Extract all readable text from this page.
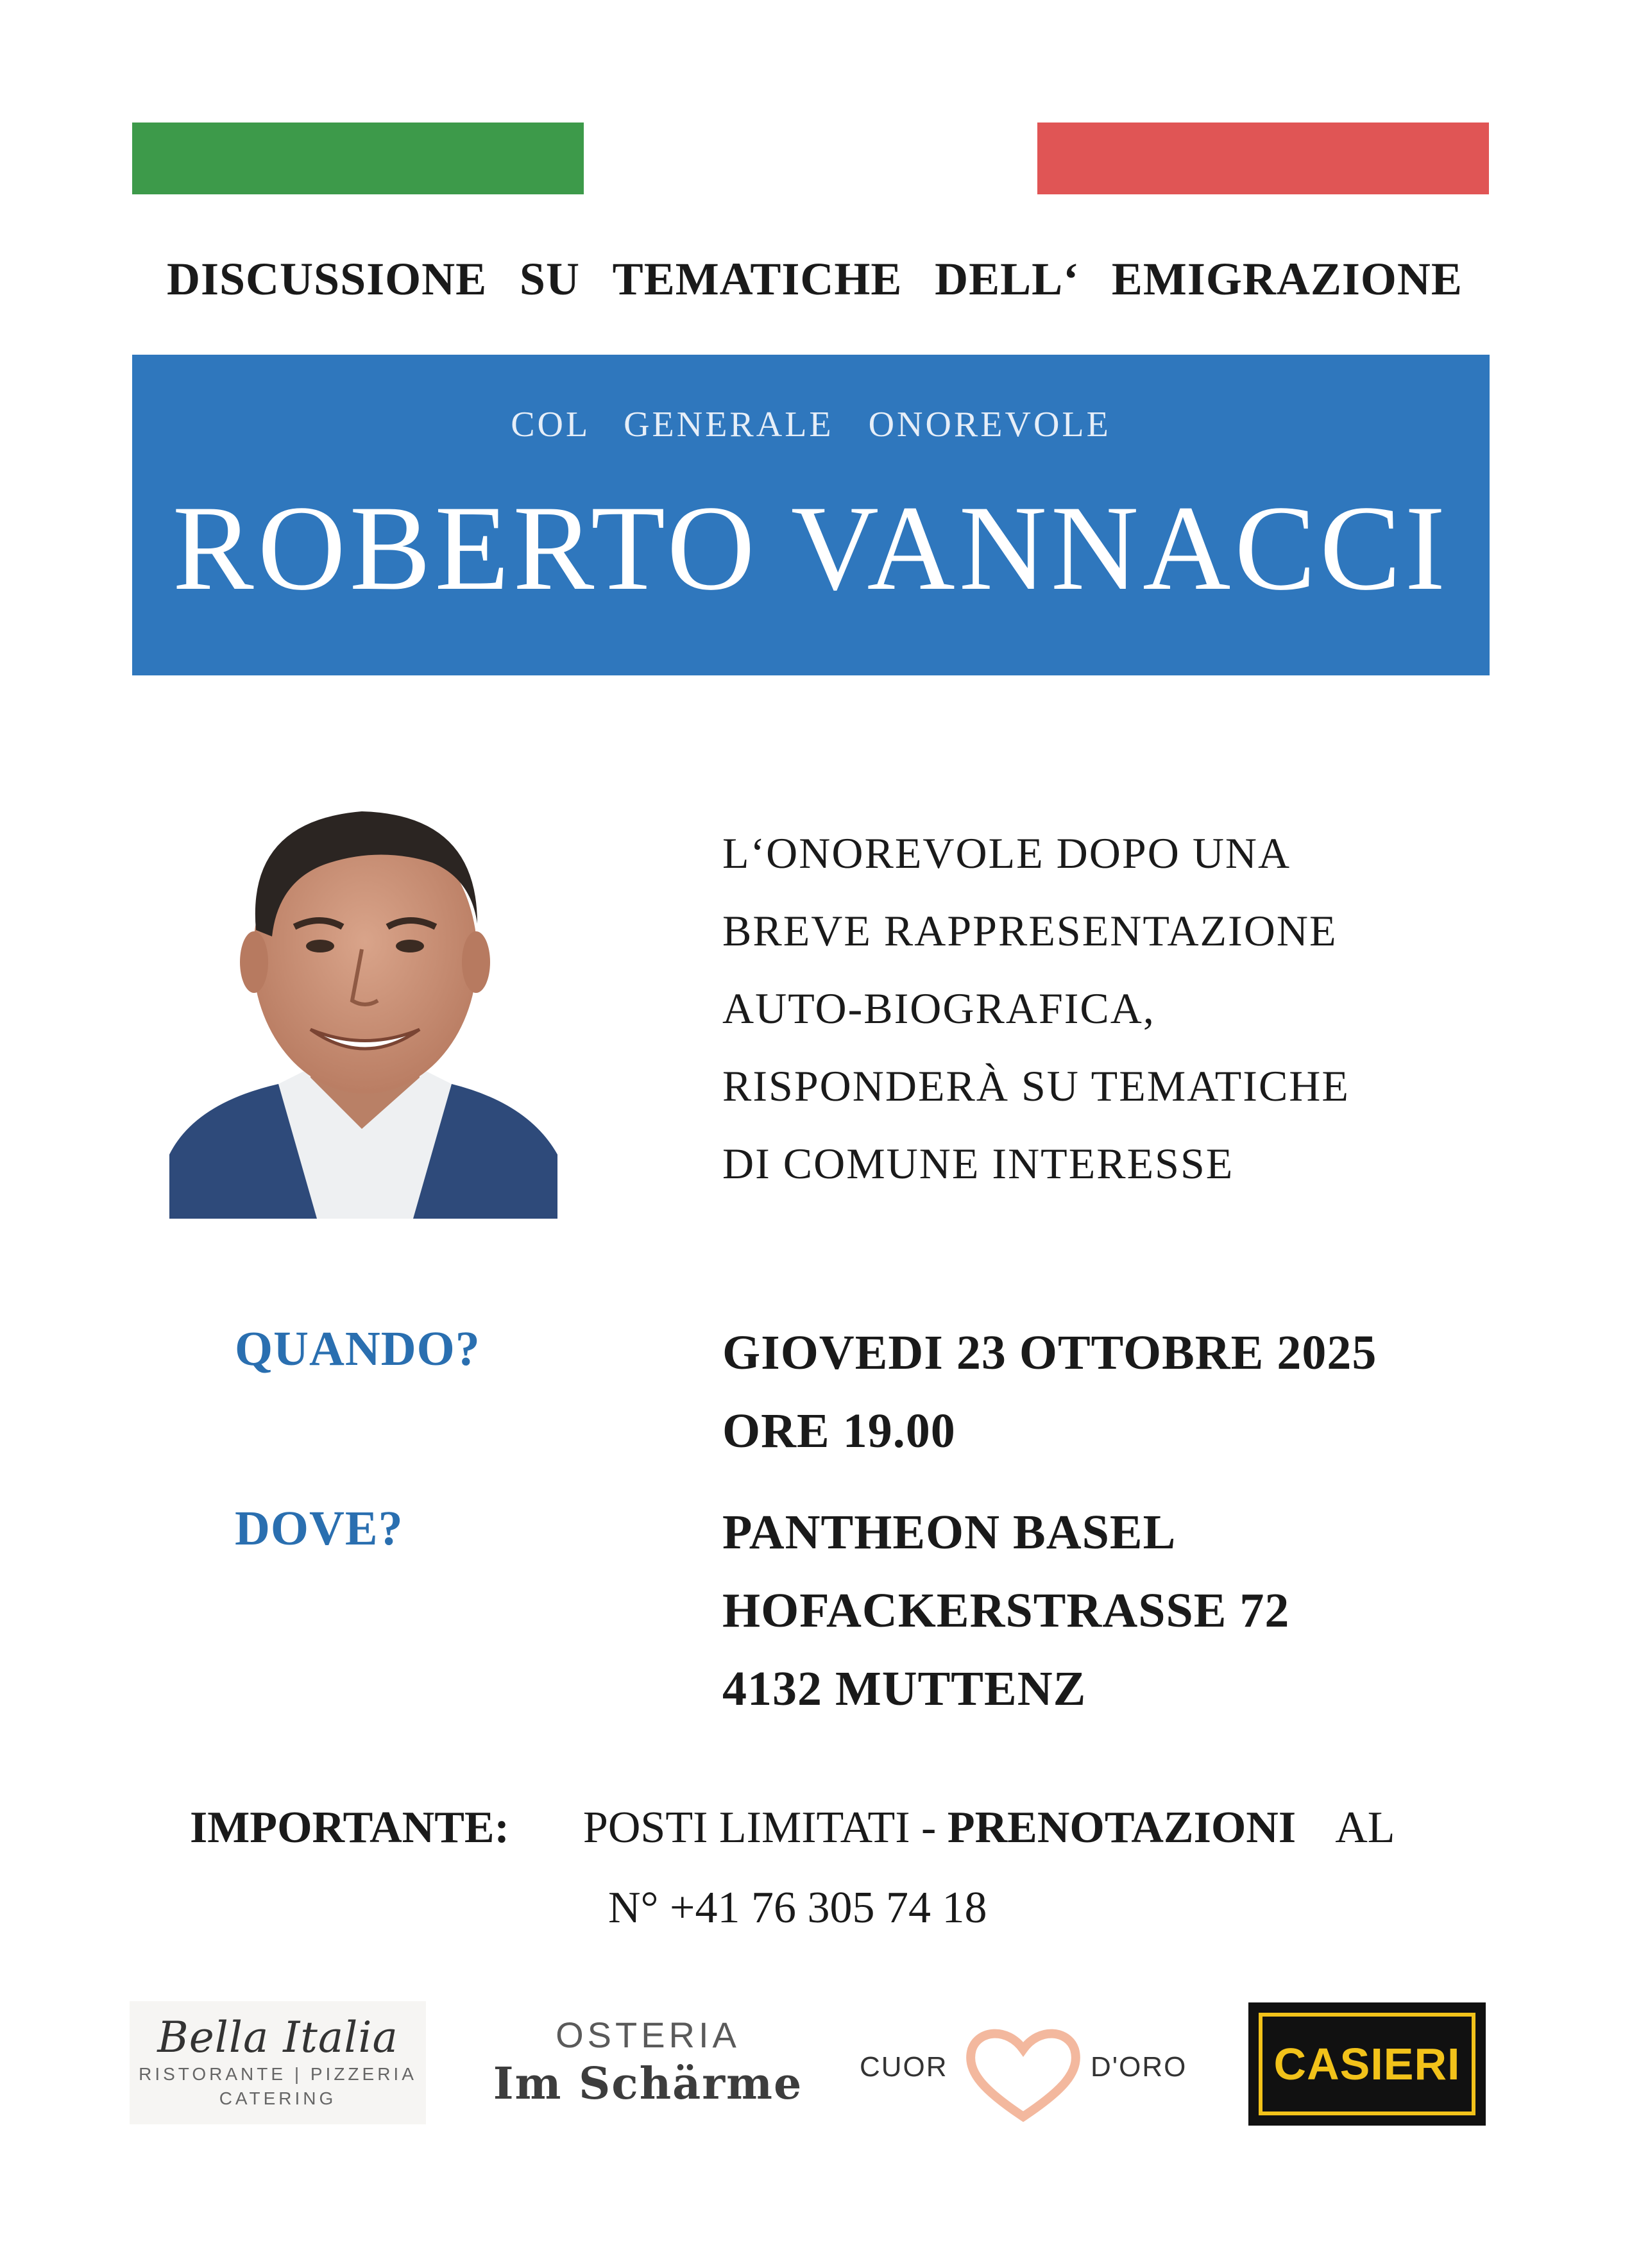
DISCUSSIONE SU TEMATICHE DELL‘ EMIGRAZIONE
COL   GENERALE   ONOREVOLE
ROBERTO VANNACCI
L‘ONOREVOLE DOPO UNA
BREVE RAPPRESENTAZIONE
AUTO-BIOGRAFICA,
RISPONDERÀ SU TEMATICHE
DI COMUNE INTERESSE
QUANDO?	GIOVEDI 23 OTTOBRE 2025
ORE 19.00
DOVE?	PANTHEON BASEL
HOFACKERSTRASSE 72
4132 MUTTENZ
IMPORTANTE: POSTI LIMITATI - PRENOTAZIONI AL
N° +41 76 305 74 18
Bella Italia
RISTORANTE | PIZZERIA
CATERING
OSTERIA
Im Schärme CUOR	D'ORO CASIERI
